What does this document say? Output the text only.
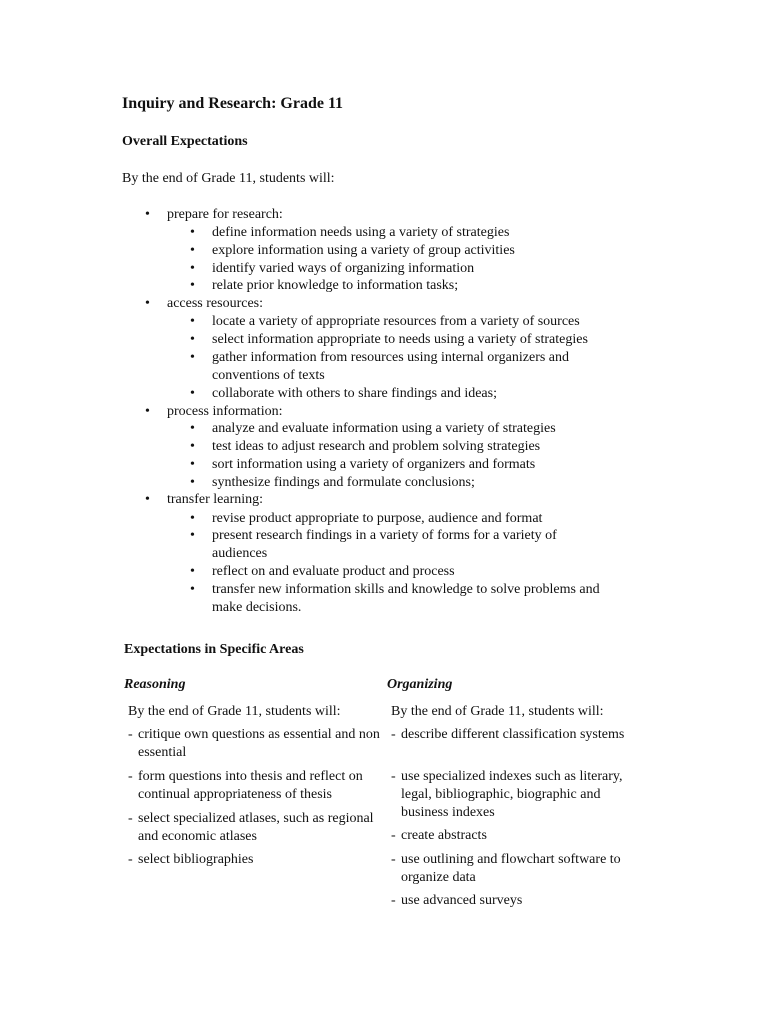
Inquiry and Research: Grade 11
Overall Expectations
By the end of Grade 11, students will:
• prepare for research:
• define information needs using a variety of strategies
• explore information using a variety of group activities
• identify varied ways of organizing information
• relate prior knowledge to information tasks;
• access resources:
• locate a variety of appropriate resources from a variety of sources
• select information appropriate to needs using a variety of strategies
• gather information from resources using internal organizers and
conventions of texts
• collaborate with others to share findings and ideas;
• process information:
• analyze and evaluate information using a variety of strategies
• test ideas to adjust research and problem solving strategies
• sort information using a variety of organizers and formats
• synthesize findings and formulate conclusions;
• transfer learning:
• revise product appropriate to purpose, audience and format
• present research findings in a variety of forms for a variety of
audiences
• reflect on and evaluate product and process
• transfer new information skills and knowledge to solve problems and
make decisions.
Expectations in Specific Areas
Reasoning	Organizing
By the end of Grade 11, students will:	By the end of Grade 11, students will:
- critique own questions as essential and non essential
- form questions into thesis and reflect on continual appropriateness of thesis
- select specialized atlases, such as regional and economic atlases
- select bibliographies
- describe different classification systems
- use specialized indexes such as literary, legal, bibliographic, biographic and business indexes
- create abstracts
- use outlining and flowchart software to organize data
- use advanced surveys
